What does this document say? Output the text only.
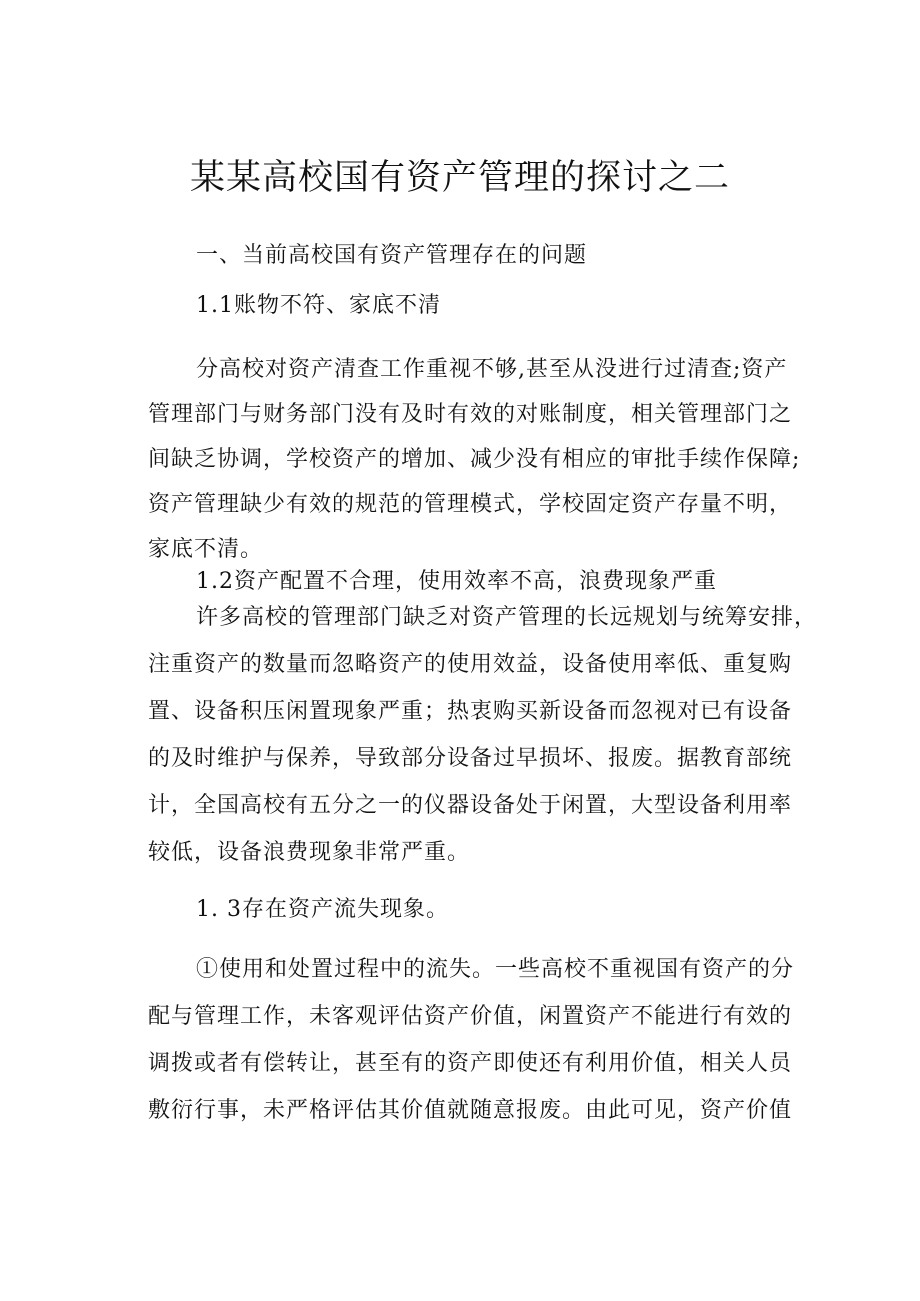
某某高校国有资产管理的探讨之二

一、当前高校国有资产管理存在的问题

1.1账物不符、家底不清

分高校对资产清查工作重视不够,甚至从没进行过清查;资产
管理部门与财务部门没有及时有效的对账制度，相关管理部门之
间缺乏协调，学校资产的增加、减少没有相应的审批手续作保障;
资产管理缺少有效的规范的管理模式，学校固定资产存量不明，
家底不清。

1.2资产配置不合理，使用效率不高，浪费现象严重

许多高校的管理部门缺乏对资产管理的长远规划与统筹安排，
注重资产的数量而忽略资产的使用效益，设备使用率低、重复购
置、设备积压闲置现象严重；热衷购买新设备而忽视对已有设备
的及时维护与保养，导致部分设备过早损坏、报废。据教育部统
计，全国高校有五分之一的仪器设备处于闲置，大型设备利用率
较低，设备浪费现象非常严重。

1. 3存在资产流失现象。

①使用和处置过程中的流失。一些高校不重视国有资产的分
配与管理工作，未客观评估资产价值，闲置资产不能进行有效的
调拨或者有偿转让，甚至有的资产即使还有利用价值，相关人员
敷衍行事，未严格评估其价值就随意报废。由此可见，资产价值
